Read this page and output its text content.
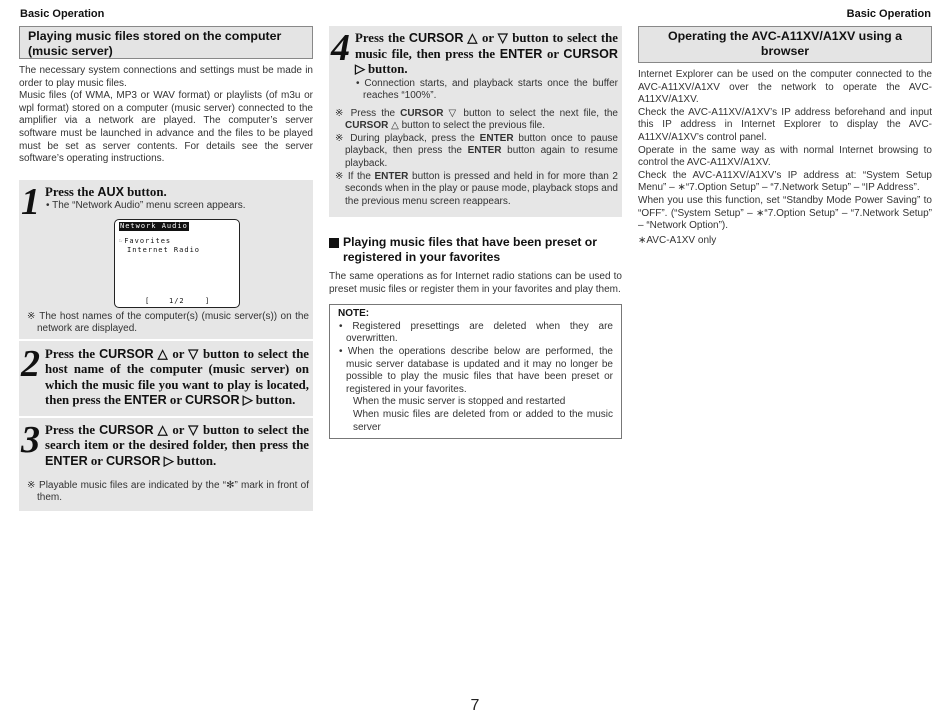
Basic Operation	Basic Operation
Playing music files stored on the computer (music server)

The necessary system connections and settings must be made in order to play music files.

Music files (of WMA, MP3 or WAV format) or playlists (of m3u or wpl format) stored on a computer (music server) connected to the amplifier via a network are played. The computer’s server software must be launched in advance and the files to be played must be set as server contents. For details see the server software’s operating instructions.

1 Press the AUX button.

• The “Network Audio” menu screen appears.

Network Audio
☞Favorites
Internet Radio
[	1/2	]

※ The host names of the computer(s) (music server(s)) on the network are displayed.

2 Press the CURSOR △ or ▽ button to select the host name of the computer (music server) on which the music file you want to play is located, then press the ENTER or CURSOR ▷ button.

3 Press the CURSOR △ or ▽ button to select the search item or the desired folder, then press the ENTER or CURSOR ▷ button.

※ Playable music files are indicated by the “✻” mark in front of them.

4 Press the CURSOR △ or ▽ button to select the music file, then press the ENTER or CURSOR ▷ button.

• Connection starts, and playback starts once the buffer reaches “100%”.

※ Press the CURSOR ▽ button to select the next file, the CURSOR △ button to select the previous file.

※ During playback, press the ENTER button once to pause playback, then press the ENTER button again to resume playback.

※ If the ENTER button is pressed and held in for more than 2 seconds when in the play or pause mode, playback stops and the previous menu screen reappears.

Playing music files that have been preset or registered in your favorites

The same operations as for Internet radio stations can be used to preset music files or register them in your favorites and play them.

NOTE:

• Registered presettings are deleted when they are overwritten.

• When the operations describe below are performed, the music server database is updated and it may no longer be possible to play the music files that have been preset or registered in your favorites.

When the music server is stopped and restarted

When music files are deleted from or added to the music server

Operating the AVC-A11XV/A1XV using a browser

Internet Explorer can be used on the computer connected to the AVC-A11XV/A1XV over the network to operate the AVC-A11XV/A1XV.

Check the AVC-A11XV/A1XV’s IP address beforehand and input this IP address in Internet Explorer to display the AVC-A11XV/A1XV’s control panel.

Operate in the same way as with normal Internet browsing to control the AVC-A11XV/A1XV.

Check the AVC-A11XV/A1XV’s IP address at: “System Setup Menu” – ∗“7.Option Setup” – “7.Network Setup” – “IP Address”.

When you use this function, set “Standby Mode Power Saving” to “OFF”. (“System Setup” – ∗“7.Option Setup” – “7.Network Setup” – “Network Option”).

∗AVC-A1XV only

7
